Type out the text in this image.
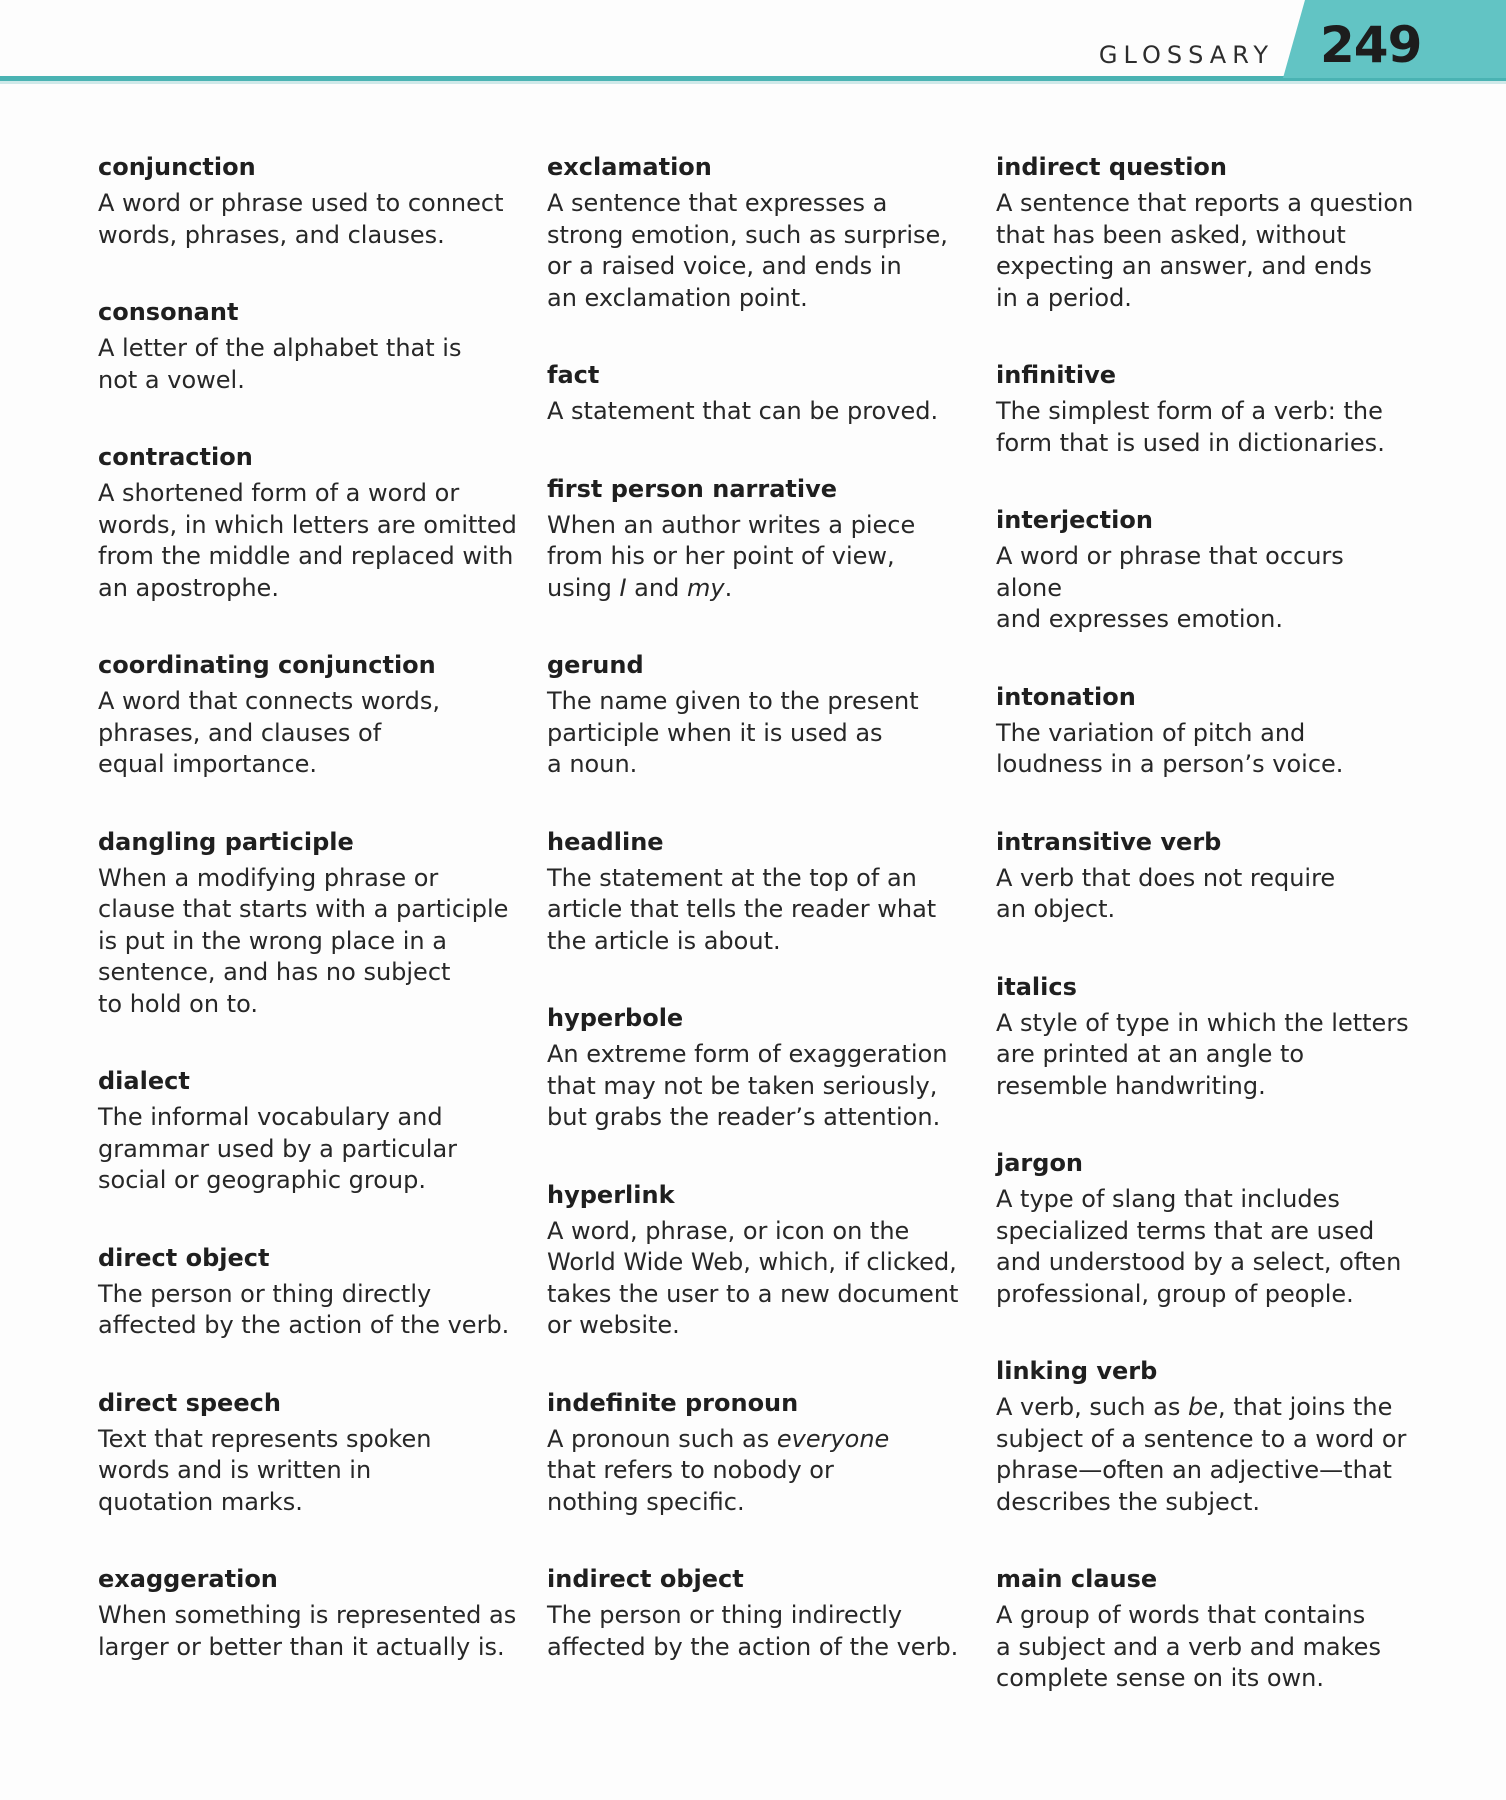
GLOSSARY 249
conjunction
A word or phrase used to connect
words, phrases, and clauses.
consonant
A letter of the alphabet that is
not a vowel.
contraction
A shortened form of a word or
words, in which letters are omitted
from the middle and replaced with
an apostrophe.
coordinating conjunction
A word that connects words,
phrases, and clauses of
equal importance.
dangling participle
When a modifying phrase or
clause that starts with a participle
is put in the wrong place in a
sentence, and has no subject
to hold on to.
dialect
The informal vocabulary and
grammar used by a particular
social or geographic group.
direct object
The person or thing directly
affected by the action of the verb.
direct speech
Text that represents spoken
words and is written in
quotation marks.
exaggeration
When something is represented as
larger or better than it actually is.
exclamation
A sentence that expresses a
strong emotion, such as surprise,
or a raised voice, and ends in
an exclamation point.
fact
A statement that can be proved.
first person narrative
When an author writes a piece
from his or her point of view,
using I and my.
gerund
The name given to the present
participle when it is used as
a noun.
headline
The statement at the top of an
article that tells the reader what
the article is about.
hyperbole
An extreme form of exaggeration
that may not be taken seriously,
but grabs the reader’s attention.
hyperlink
A word, phrase, or icon on the
World Wide Web, which, if clicked,
takes the user to a new document
or website.
indefinite pronoun
A pronoun such as everyone
that refers to nobody or
nothing specific.
indirect object
The person or thing indirectly
affected by the action of the verb.
indirect question
A sentence that reports a question
that has been asked, without
expecting an answer, and ends
in a period.
infinitive
The simplest form of a verb: the
form that is used in dictionaries.
interjection
A word or phrase that occurs alone
and expresses emotion.
intonation
The variation of pitch and
loudness in a person’s voice.
intransitive verb
A verb that does not require
an object.
italics
A style of type in which the letters
are printed at an angle to
resemble handwriting.
jargon
A type of slang that includes
specialized terms that are used
and understood by a select, often
professional, group of people.
linking verb
A verb, such as be, that joins the
subject of a sentence to a word or
phrase—often an adjective—that
describes the subject.
main clause
A group of words that contains
a subject and a verb and makes
complete sense on its own.
